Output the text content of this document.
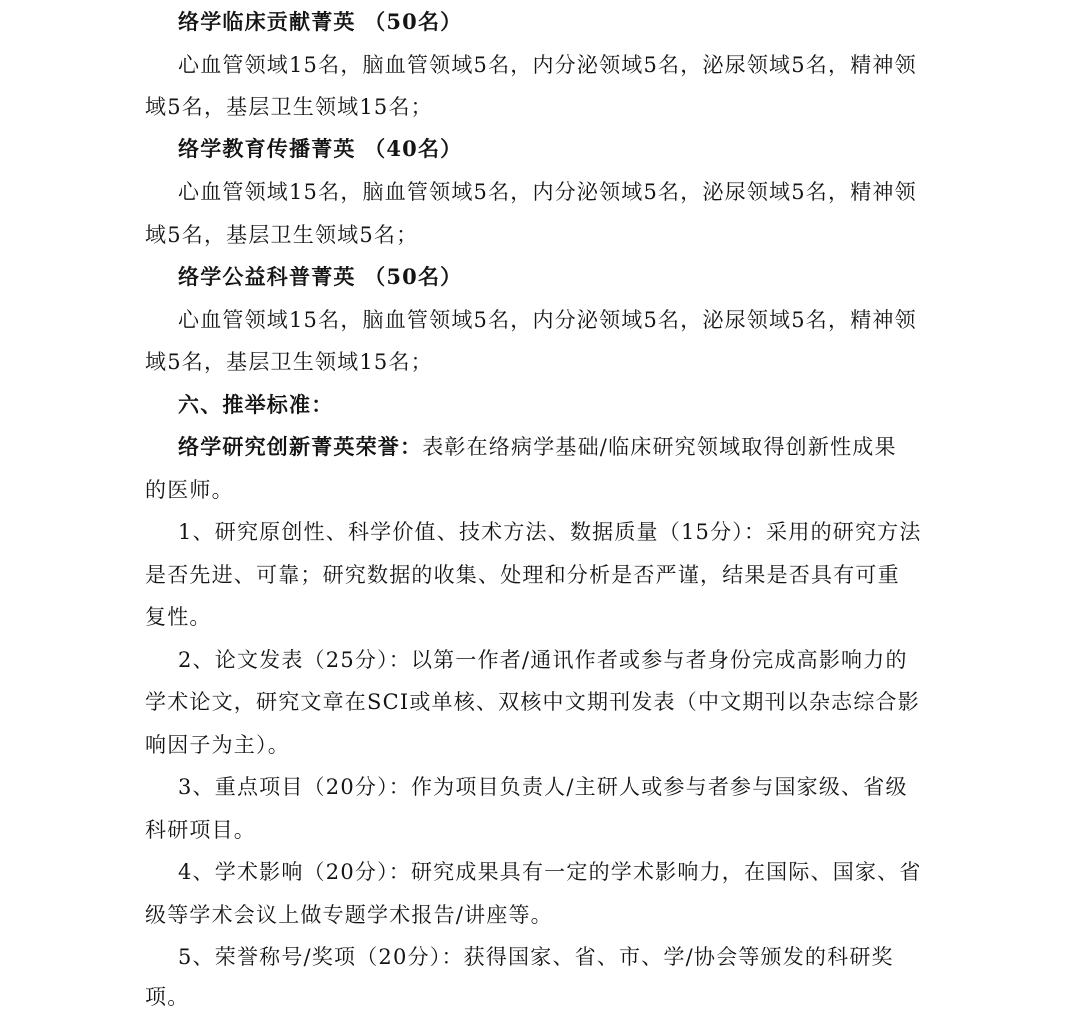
络学临床贡献菁英 （50名）

心血管领域15名，脑血管领域5名，内分泌领域5名，泌尿领域5名，精神领

域5名，基层卫生领域15名；

络学教育传播菁英 （40名）

心血管领域15名，脑血管领域5名，内分泌领域5名，泌尿领域5名，精神领

域5名，基层卫生领域5名；

络学公益科普菁英 （50名）

心血管领域15名，脑血管领域5名，内分泌领域5名，泌尿领域5名，精神领

域5名，基层卫生领域15名；

六、推举标准：

络学研究创新菁英荣誉：表彰在络病学基础/临床研究领域取得创新性成果

的医师。

1、研究原创性、科学价值、技术方法、数据质量（15分）：采用的研究方法

是否先进、可靠；研究数据的收集、处理和分析是否严谨，结果是否具有可重

复性。

2、论文发表（25分）：以第一作者/通讯作者或参与者身份完成高影响力的

学术论文，研究文章在SCI或单核、双核中文期刊发表（中文期刊以杂志综合影

响因子为主）。

3、重点项目（20分）：作为项目负责人/主研人或参与者参与国家级、省级

科研项目。

4、学术影响（20分）：研究成果具有一定的学术影响力，在国际、国家、省

级等学术会议上做专题学术报告/讲座等。

5、荣誉称号/奖项（20分）：获得国家、省、市、学/协会等颁发的科研奖

项。
